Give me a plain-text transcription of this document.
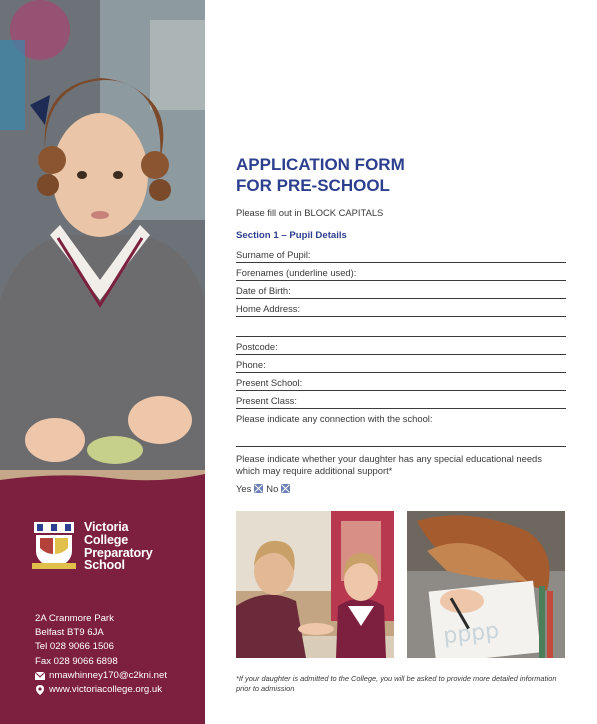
Victoria
College
Preparatory
School
2A Cranmore Park
Belfast BT9 6JA
Tel 028 9066 1506
Fax 028 9066 6898
nmawhinney170@c2kni.net
www.victoriacollege.org.uk
APPLICATION FORM
FOR PRE-SCHOOL
Please fill out in BLOCK CAPITALS
Section 1 – Pupil Details
Surname of Pupil:
Forenames (underline used):
Date of Birth:
Home Address:
Postcode:
Phone:
Present School:
Present Class:
Please indicate any connection with the school:
Please indicate whether your daughter has any special educational needs which may require additional support*
Yes No
pppp
*If your daughter is admitted to the College, you will be asked to provide more detailed information prior to admission
